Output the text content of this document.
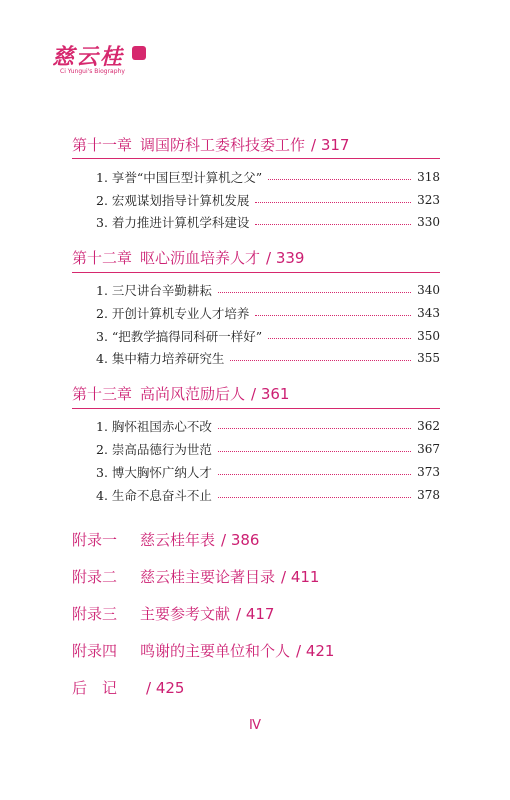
慈云桂
Ci Yungui's Biography
第十一章 调国防科工委科技委工作 / 317
1. 享誉“中国巨型计算机之父”	318
2. 宏观谋划指导计算机发展	323
3. 着力推进计算机学科建设	330
第十二章 呕心沥血培养人才 / 339
1. 三尺讲台辛勤耕耘	340
2. 开创计算机专业人才培养	343
3. “把教学搞得同科研一样好”	350
4. 集中精力培养研究生	355
第十三章 高尚风范励后人 / 361
1. 胸怀祖国赤心不改	362
2. 崇高品德行为世范	367
3. 博大胸怀广纳人才	373
4. 生命不息奋斗不止	378
附录一 慈云桂年表 / 386
附录二 慈云桂主要论著目录 / 411
附录三 主要参考文献 / 417
附录四 鸣谢的主要单位和个人 / 421
后　记 / 425
Ⅳ
